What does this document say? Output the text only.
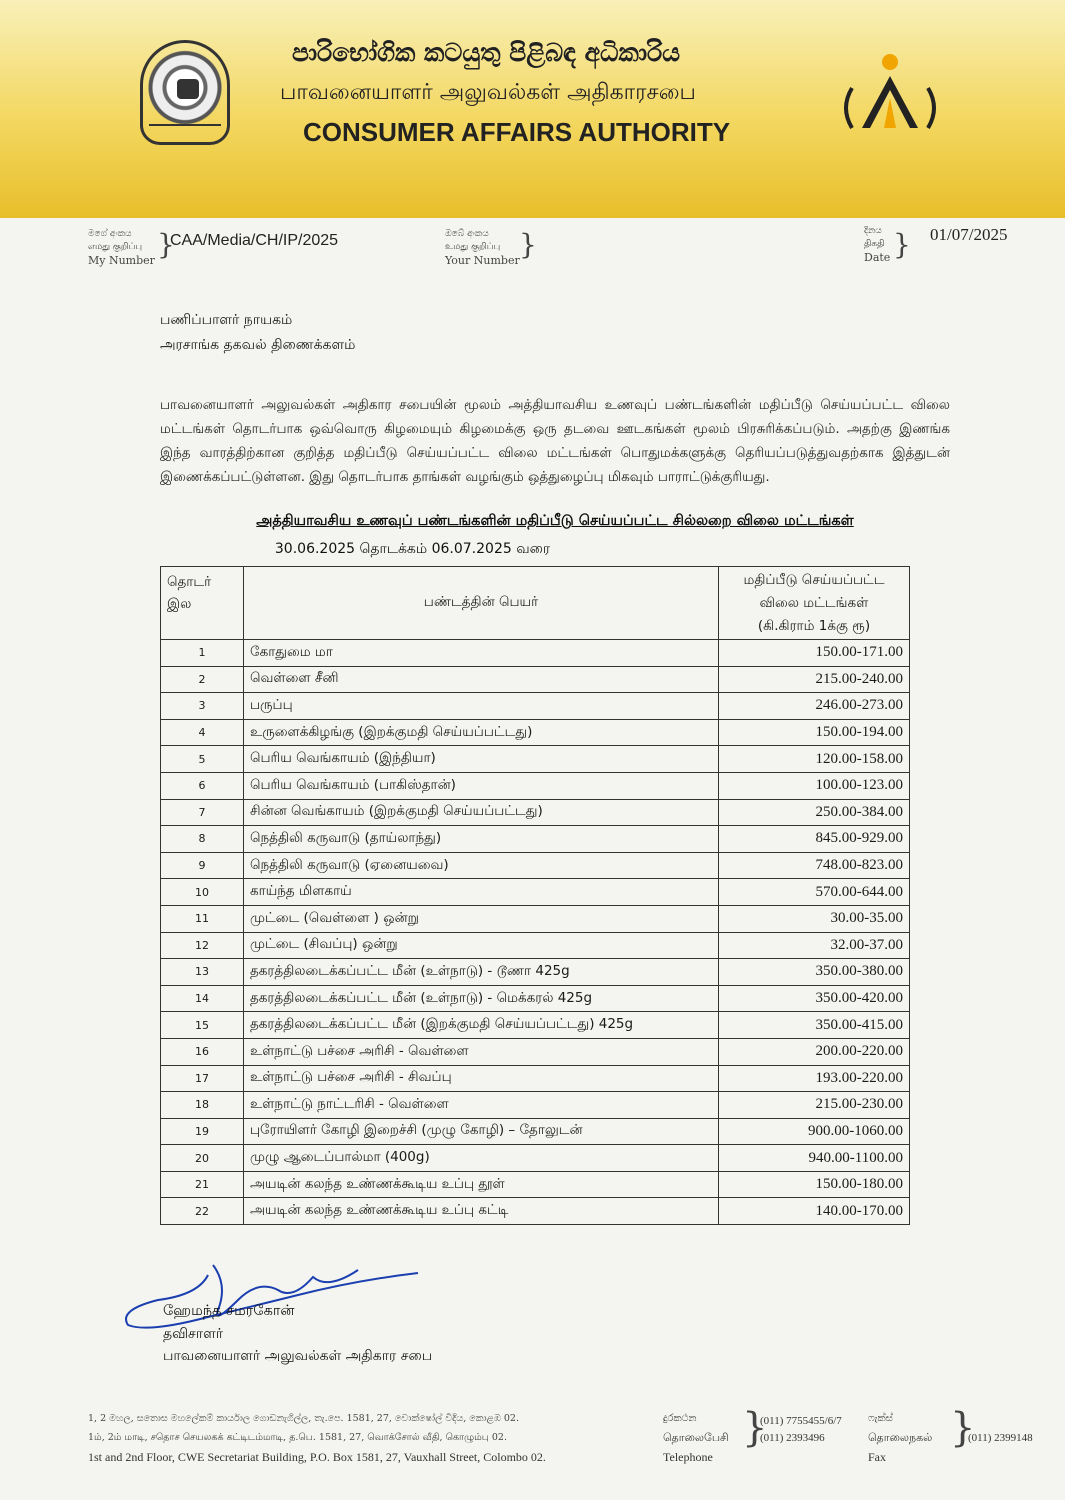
පාරිභෝගික කටයුතු පිළිබඳ අධිකාරිය
பாவனையாளர் அலுவல்கள் அதிகாரசபை
CONSUMER AFFAIRS AUTHORITY
මගේ අංකය
எமது குறிப்பு
My Number }
CAA/Media/CH/IP/2025	ඔබේ අංකය
உமது குறிப்பு
Your Number }	දිනය
திகதி
Date } 01/07/2025
பணிப்பாளர் நாயகம்
அரசாங்க தகவல் திணைக்களம்
பாவனையாளர் அலுவல்கள் அதிகார சபையின் மூலம் அத்தியாவசிய உணவுப் பண்டங்களின் மதிப்பீடு செய்யப்பட்ட விலை மட்டங்கள் தொடர்பாக ஒவ்வொரு கிழமையும் கிழமைக்கு ஒரு தடவை ஊடகங்கள் மூலம் பிரசுரிக்கப்படும். அதற்கு இணங்க இந்த வாரத்திற்கான குறித்த மதிப்பீடு செய்யப்பட்ட விலை மட்டங்கள் பொதுமக்களுக்கு தெரியப்படுத்துவதற்காக இத்துடன் இணைக்கப்பட்டுள்ளன. இது தொடர்பாக தாங்கள் வழங்கும் ஒத்துழைப்பு மிகவும் பாராட்டுக்குரியது.
அத்தியாவசிய உணவுப் பண்டங்களின் மதிப்பீடு செய்யப்பட்ட சில்லறை விலை மட்டங்கள்
30.06.2025 தொடக்கம் 06.07.2025 வரை
தொடர்
இல	பண்டத்தின் பெயர்	மதிப்பீடு செய்யப்பட்ட
விலை மட்டங்கள்
(கி.கிராம் 1க்கு ரூ)
1	கோதுமை மா	150.00-171.00
2	வெள்ளை சீனி	215.00-240.00
3	பருப்பு	246.00-273.00
4	உருளைக்கிழங்கு (இறக்குமதி செய்யப்பட்டது)	150.00-194.00
5	பெரிய வெங்காயம் (இந்தியா)	120.00-158.00
6	பெரிய வெங்காயம் (பாகிஸ்தான்)	100.00-123.00
7	சின்ன வெங்காயம் (இறக்குமதி செய்யப்பட்டது)	250.00-384.00
8	நெத்திலி கருவாடு (தாய்லாந்து)	845.00-929.00
9	நெத்திலி கருவாடு (ஏனையவை)	748.00-823.00
10	காய்ந்த மிளகாய்	570.00-644.00
11	முட்டை (வெள்ளை ) ஒன்று	30.00-35.00
12	முட்டை (சிவப்பு) ஒன்று	32.00-37.00
13	தகரத்திலடைக்கப்பட்ட மீன் (உள்நாடு) - டூணா 425g	350.00-380.00
14	தகரத்திலடைக்கப்பட்ட மீன் (உள்நாடு) - மெக்கரல் 425g	350.00-420.00
15	தகரத்திலடைக்கப்பட்ட மீன் (இறக்குமதி செய்யப்பட்டது) 425g	350.00-415.00
16	உள்நாட்டு பச்சை அரிசி - வெள்ளை	200.00-220.00
17	உள்நாட்டு பச்சை அரிசி - சிவப்பு	193.00-220.00
18	உள்நாட்டு நாட்டரிசி - வெள்ளை	215.00-230.00
19	புரோயிளர் கோழி இறைச்சி (முழு கோழி) – தோலுடன்	900.00-1060.00
20	முழு ஆடைப்பால்மா (400g)	940.00-1100.00
21	அயடின் கலந்த உண்ணக்கூடிய உப்பு தூள்	150.00-180.00
22	அயடின் கலந்த உண்ணக்கூடிய உப்பு கட்டி	140.00-170.00
ஹேமந்த சமரகோன்
தவிசாளர்
பாவனையாளர் அலுவல்கள் அதிகார சபை
1, 2 මහල, සතොස මහලේකම් කාර්යාල ගොඩනැගිල්ල, තැ.පෙ. 1581, 27, වොක්ෂෝල් වීදිය, කොළඹ 02.
1ம், 2ம் மாடி, சதொச செயலகக் கட்டிடம்மாடி, த.பெ. 1581, 27, வொக்சோல் வீதி, கொழும்பு 02.
1st and 2nd Floor, CWE Secretariat Building, P.O. Box 1581, 27, Vauxhall Street, Colombo 02.
දුරකථන
தொலைபேசி
Telephone
}
(011) 7755455/6/7
(011) 2393496
ෆැක්ස්
தொலைநகல்
Fax
}
(011) 2399148
